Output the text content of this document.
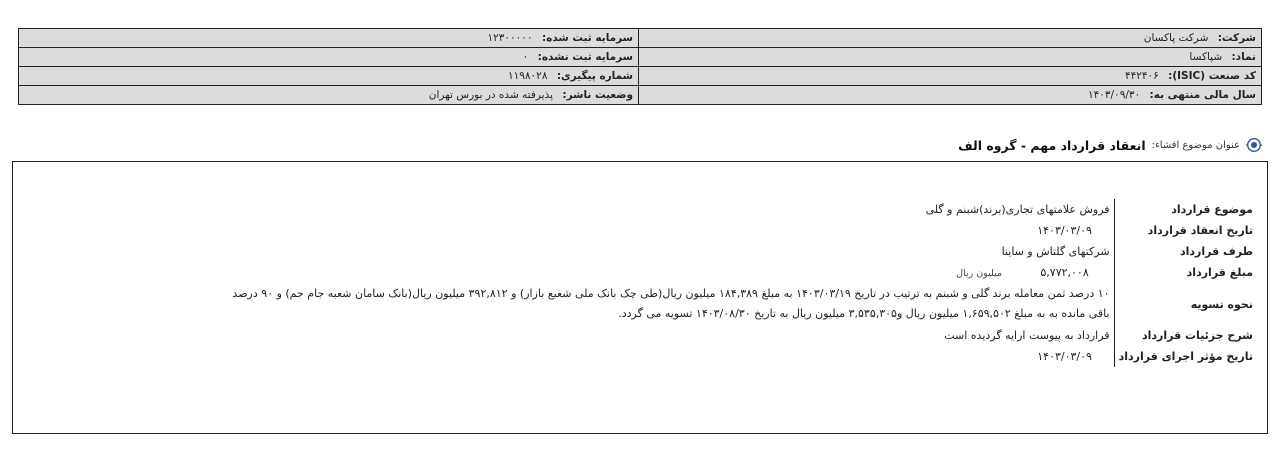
شرکت: شرکت پاکسان	سرمایه ثبت شده: ۱۲۳۰۰۰۰۰
نماد: شپاکسا	سرمایه ثبت نشده: ۰
کد صنعت (ISIC): ۴۴۲۴۰۶	شماره پیگیری: ۱۱۹۸۰۲۸
سال مالی منتهی به: ۱۴۰۳/۰۹/۳۰	وضعیت ناشر: پذیرفته شده در بورس تهران
عنوان موضوع افشاء:
انعقاد قرارداد مهم - گروه الف
موضوع قرارداد	فروش علامتهای تجاری(برند)شبنم و گلی
تاریخ انعقاد قرارداد	۱۴۰۳/۰۳/۰۹
طرف قرارداد	شرکتهای گلتاش و ساینا
مبلغ قرارداد	۵,۷۷۲,۰۰۸ میلیون ریال
نحوه تسویه	۱۰ درصد ثمن معامله برند گلی و شبنم به ترتیب در تاریخ ۱۴۰۳/۰۳/۱۹ به مبلغ ۱۸۴,۳۸۹ میلیون ریال(طی چک بانک ملی شعبع بازار) و ۳۹۲,۸۱۲ میلیون ریال(بانک سامان شعبه جام جم) و ۹۰ درصد
باقی مانده به به مبلغ ۱,۶۵۹,۵۰۲ میلیون ریال و۳,۵۳۵,۳۰۵ میلیون ریال به تاریخ ۱۴۰۳/۰۸/۳۰ تسویه می گردد.

شرح جزئیات قرارداد	قرارداد به پیوست ارایه گردیده است
تاریخ مؤثر اجرای قرارداد	۱۴۰۳/۰۳/۰۹
